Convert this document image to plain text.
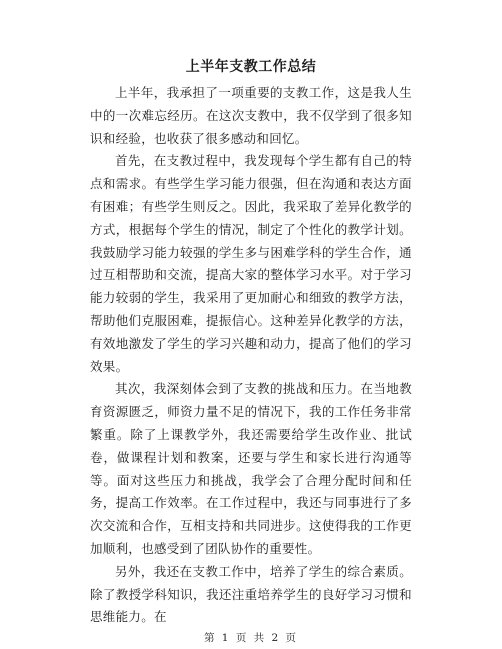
上半年支教工作总结

上半年，我承担了一项重要的支教工作，这是我人生中的一次难忘经历。在这次支教中，我不仅学到了很多知识和经验，也收获了很多感动和回忆。

首先，在支教过程中，我发现每个学生都有自己的特点和需求。有些学生学习能力很强，但在沟通和表达方面有困难；有些学生则反之。因此，我采取了差异化教学的方式，根据每个学生的情况，制定了个性化的教学计划。我鼓励学习能力较强的学生多与困难学科的学生合作，通过互相帮助和交流，提高大家的整体学习水平。对于学习能力较弱的学生，我采用了更加耐心和细致的教学方法，帮助他们克服困难，提振信心。这种差异化教学的方法，有效地激发了学生的学习兴趣和动力，提高了他们的学习效果。

其次，我深刻体会到了支教的挑战和压力。在当地教育资源匮乏，师资力量不足的情况下，我的工作任务非常繁重。除了上课教学外，我还需要给学生改作业、批试卷，做课程计划和教案，还要与学生和家长进行沟通等等。面对这些压力和挑战，我学会了合理分配时间和任务，提高工作效率。在工作过程中，我还与同事进行了多次交流和合作，互相支持和共同进步。这使得我的工作更加顺利，也感受到了团队协作的重要性。

另外，我还在支教工作中，培养了学生的综合素质。除了教授学科知识，我还注重培养学生的良好学习习惯和思维能力。在

第 1 页 共 2 页
